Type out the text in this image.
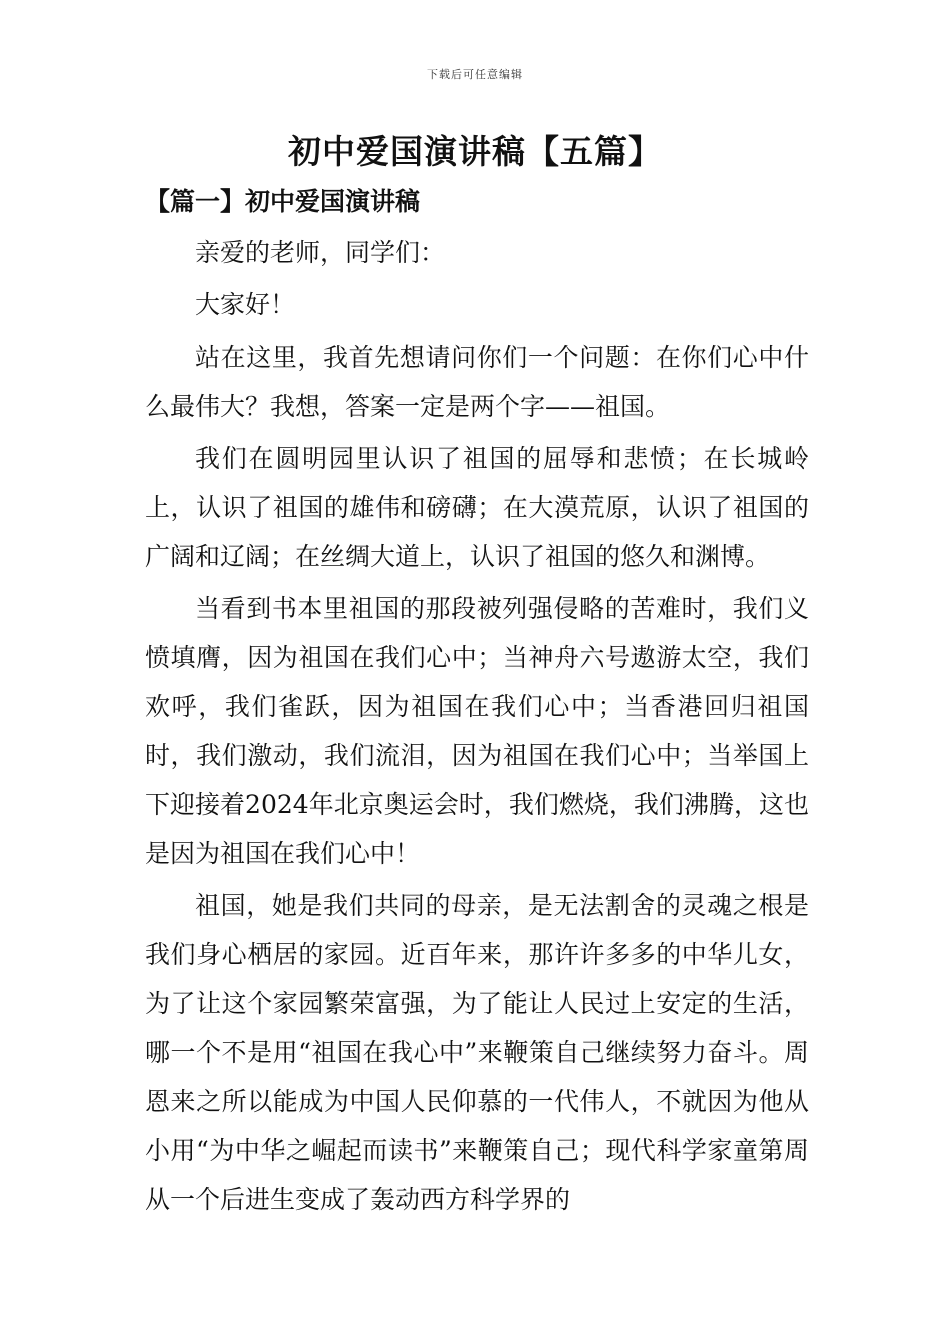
下载后可任意编辑
初中爱国演讲稿【五篇】
【篇一】初中爱国演讲稿

亲爱的老师，同学们：

大家好！

站在这里，我首先想请问你们一个问题：在你们心中什么最伟大？我想，答案一定是两个字——祖国。

我们在圆明园里认识了祖国的屈辱和悲愤；在长城岭上，认识了祖国的雄伟和磅礴；在大漠荒原，认识了祖国的广阔和辽阔；在丝绸大道上，认识了祖国的悠久和渊博。

当看到书本里祖国的那段被列强侵略的苦难时，我们义愤填膺，因为祖国在我们心中；当神舟六号遨游太空，我们欢呼，我们雀跃，因为祖国在我们心中；当香港回归祖国时，我们激动，我们流泪，因为祖国在我们心中；当举国上下迎接着2024年北京奥运会时，我们燃烧，我们沸腾，这也是因为祖国在我们心中！

祖国，她是我们共同的母亲，是无法割舍的灵魂之根是我们身心栖居的家园。近百年来，那许许多多的中华儿女，为了让这个家园繁荣富强，为了能让人民过上安定的生活，哪一个不是用“祖国在我心中”来鞭策自己继续努力奋斗。周恩来之所以能成为中国人民仰慕的一代伟人，不就因为他从小用“为中华之崛起而读书”来鞭策自己；现代科学家童第周从一个后进生变成了轰动西方科学界的
